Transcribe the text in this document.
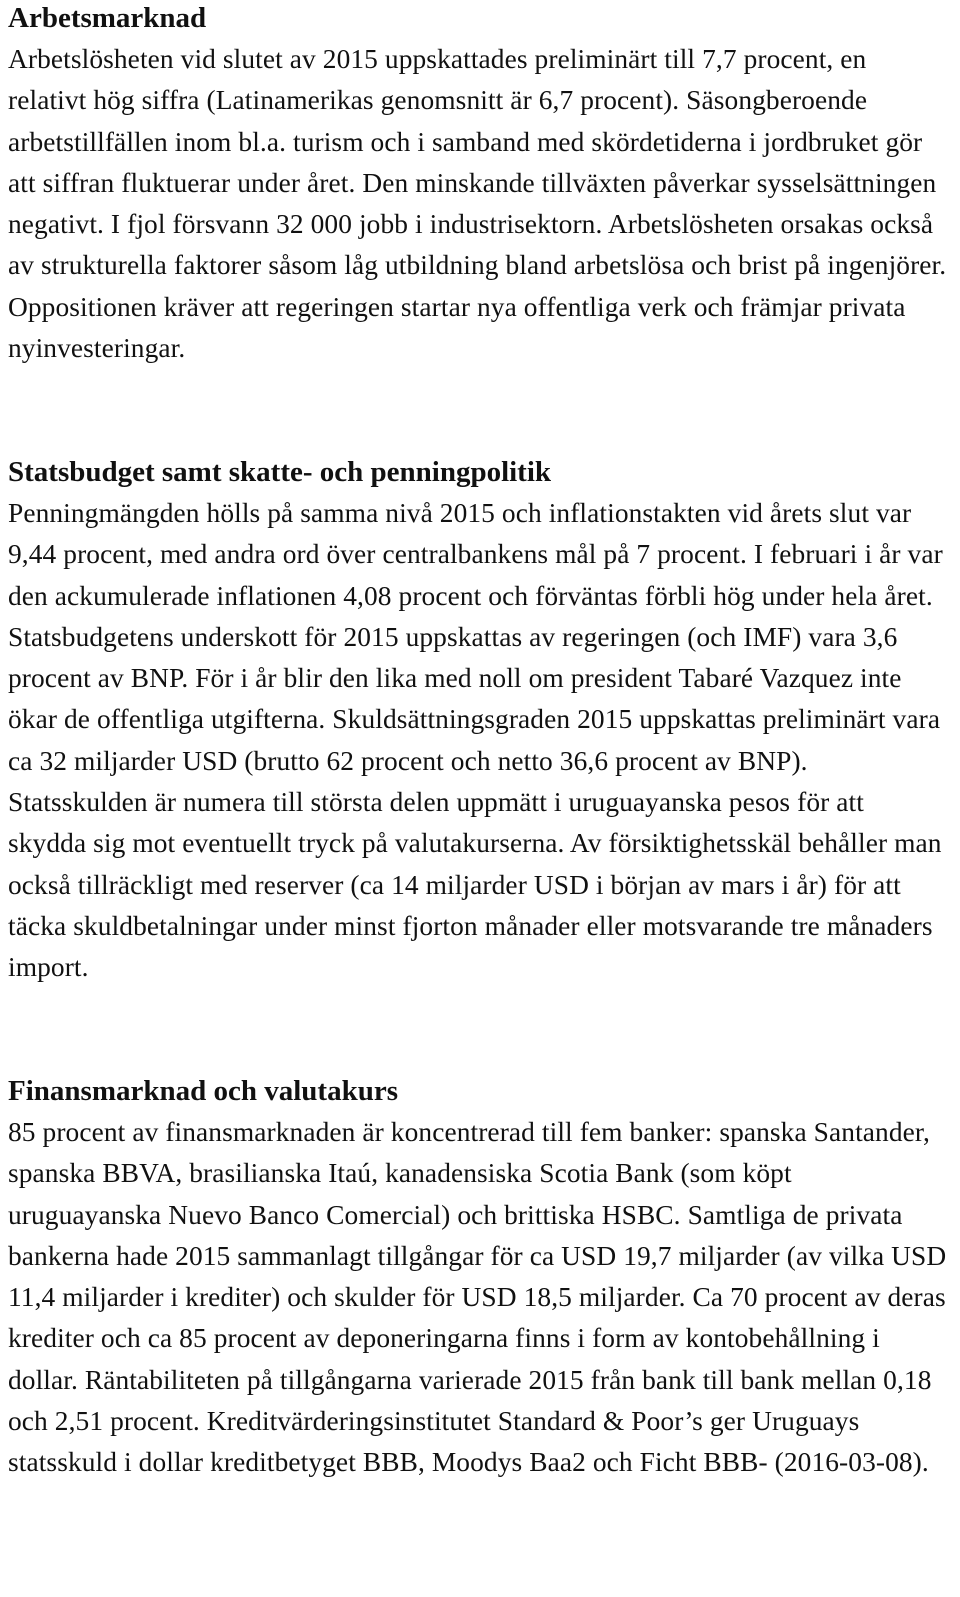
Arbetsmarknad

Arbetslösheten vid slutet av 2015 uppskattades preliminärt till 7,7 procent, en relativt hög siffra (Latinamerikas genomsnitt är 6,7 procent). Säsongberoende arbetstillfällen inom bl.a. turism och i samband med skördetiderna i jordbruket gör att siffran fluktuerar under året. Den minskande tillväxten påverkar sysselsättningen negativt. I fjol försvann 32 000 jobb i industrisektorn. Arbetslösheten orsakas också av strukturella faktorer såsom låg utbildning bland arbetslösa och brist på ingenjörer. Oppositionen kräver att regeringen startar nya offentliga verk och främjar privata nyinvesteringar.

Statsbudget samt skatte- och penningpolitik

Penningmängden hölls på samma nivå 2015 och inflationstakten vid årets slut var 9,44 procent, med andra ord över centralbankens mål på 7 procent. I februari i år var den ackumulerade inflationen 4,08 procent och förväntas förbli hög under hela året. Statsbudgetens underskott för 2015 uppskattas av regeringen (och IMF) vara 3,6 procent av BNP. För i år blir den lika med noll om president Tabaré Vazquez inte ökar de offentliga utgifterna. Skuldsättningsgraden 2015 uppskattas preliminärt vara ca 32 miljarder USD (brutto 62 procent och netto 36,6 procent av BNP). Statsskulden är numera till största delen uppmätt i uruguayanska pesos för att skydda sig mot eventuellt tryck på valutakurserna. Av försiktighetsskäl behåller man också tillräckligt med reserver (ca 14 miljarder USD i början av mars i år) för att täcka skuldbetalningar under minst fjorton månader eller motsvarande tre månaders import.

Finansmarknad och valutakurs

85 procent av finansmarknaden är koncentrerad till fem banker: spanska Santander, spanska BBVA, brasilianska Itaú, kanadensiska Scotia Bank (som köpt uruguayanska Nuevo Banco Comercial) och brittiska HSBC. Samtliga de privata bankerna hade 2015 sammanlagt tillgångar för ca USD 19,7 miljarder (av vilka USD 11,4 miljarder i krediter) och skulder för USD 18,5 miljarder. Ca 70 procent av deras krediter och ca 85 procent av deponeringarna finns i form av kontobehållning i dollar. Räntabiliteten på tillgångarna varierade 2015 från bank till bank mellan 0,18 och 2,51 procent. Kreditvärderingsinstitutet Standard & Poor’s ger Uruguays statsskuld i dollar kreditbetyget BBB, Moodys Baa2 och Ficht BBB- (2016-03-08).
